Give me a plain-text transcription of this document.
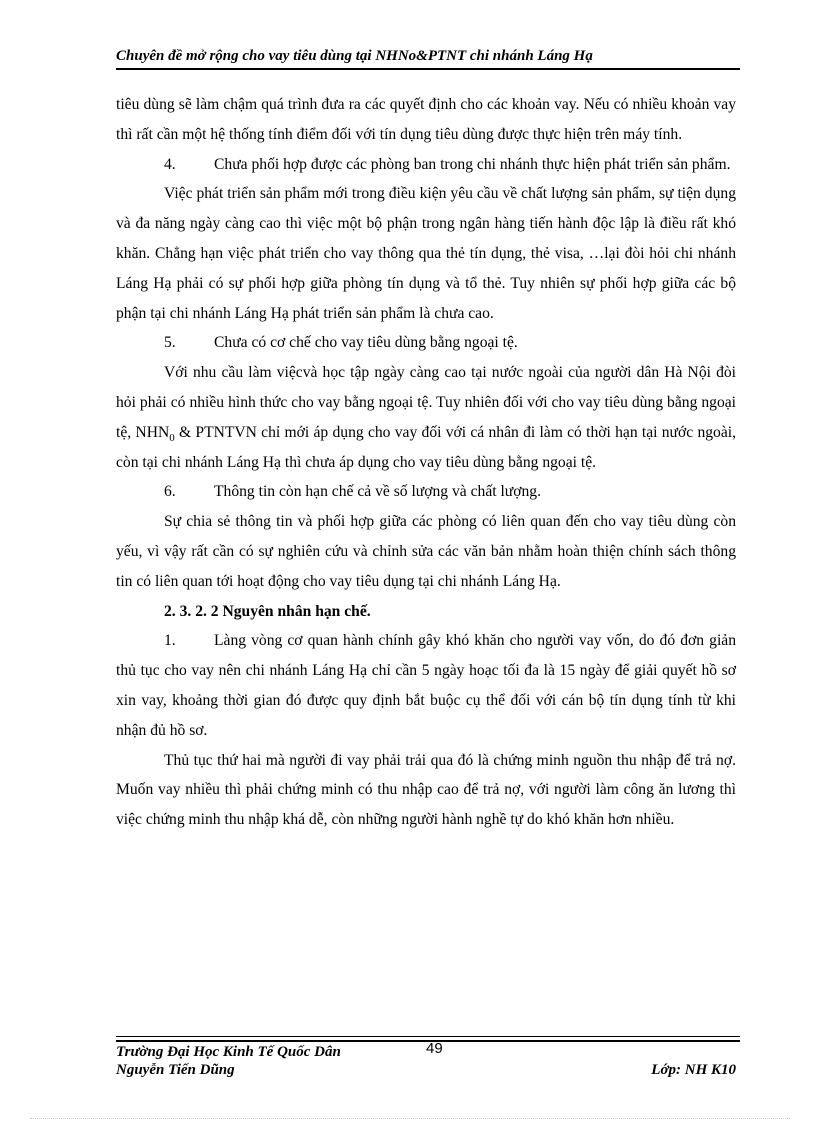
Chuyên đề mở rộng cho vay tiêu dùng tại NHNo&PTNT chi nhánh Láng Hạ

tiêu dùng sẽ làm chậm quá trình đưa ra các quyết định cho các khoản vay. Nếu có nhiều khoản vay thì rất cần một hệ thống tính điểm đối với tín dụng tiêu dùng được thực hiện trên máy tính.

4. Chưa phối hợp được các phòng ban trong chi nhánh thực hiện phát triển sản phẩm.

Việc phát triển sản phẩm mới trong điều kiện yêu cầu về chất lượng sản phẩm, sự tiện dụng và đa năng ngày càng cao thì việc một bộ phận trong ngân hàng tiến hành độc lập là điều rất khó khăn. Chẳng hạn việc phát triển cho vay thông qua thẻ tín dụng, thẻ visa, …lại đòi hỏi chi nhánh Láng Hạ phải có sự phối hợp giữa phòng tín dụng và tổ thẻ. Tuy nhiên sự phối hợp giữa các bộ phận tại chi nhánh Láng Hạ phát triển sản phẩm là chưa cao.

5. Chưa có cơ chế cho vay tiêu dùng bằng ngoại tệ.

Với nhu cầu làm việcvà học tập ngày càng cao tại nước ngoài của người dân Hà Nội đòi hỏi phải có nhiều hình thức cho vay bằng ngoại tệ. Tuy nhiên đối với cho vay tiêu dùng bằng ngoại tệ, $NHN_0$ & PTNTVN chỉ mới áp dụng cho vay đối với cá nhân đi làm có thời hạn tại nước ngoài, còn tại chi nhánh Láng Hạ thì chưa áp dụng cho vay tiêu dùng bằng ngoại tệ.

6. Thông tin còn hạn chế cả về số lượng và chất lượng.

Sự chia sẻ thông tin và phối hợp giữa các phòng có liên quan đến cho vay tiêu dùng còn yếu, vì vậy rất cần có sự nghiên cứu và chỉnh sửa các văn bản nhằm hoàn thiện chính sách thông tin có liên quan tới hoạt động cho vay tiêu dụng tại chi nhánh Láng Hạ.

2. 3. 2. 2 Nguyên nhân hạn chế.

1. Làng vòng cơ quan hành chính gây khó khăn cho người vay vốn, do đó đơn giản thủ tục cho vay nên chi nhánh Láng Hạ chỉ cần 5 ngày hoạc tối đa là 15 ngày để giải quyết hồ sơ xin vay, khoảng thời gian đó được quy định bắt buộc cụ thể đối với cán bộ tín dụng tính từ khi nhận đủ hồ sơ.

Thủ tục thứ hai mà người đi vay phải trải qua đó là chứng minh nguồn thu nhập để trả nợ. Muốn vay nhiều thì phải chứng minh có thu nhập cao để trả nợ, với người làm công ăn lương thì việc chứng minh thu nhập khá dễ, còn những người hành nghề tự do khó khăn hơn nhiều.

Trường Đại Học Kinh Tế Quốc Dân	49
Nguyễn Tiến Dũng	Lớp: NH K10
